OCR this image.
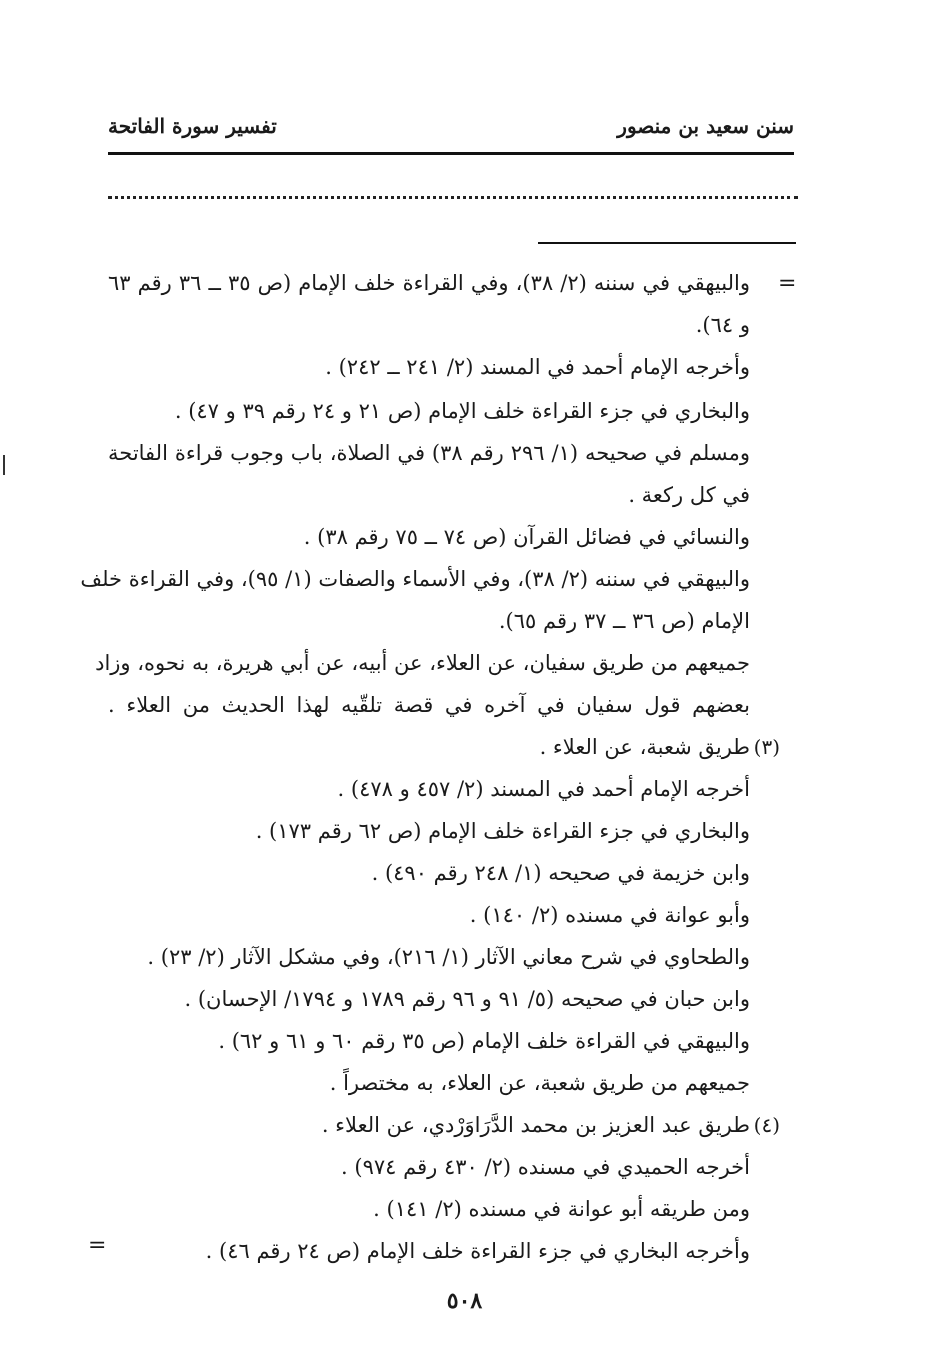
سنن سعيد بن منصور
تفسير سورة الفاتحة
=
والبيهقي في سننه (٢/ ٣٨)، وفي القراءة خلف الإمام (ص ٣٥ ــ ٣٦ رقم ٦٣
و ٦٤).
وأخرجه الإمام أحمد في المسند (٢/ ٢٤١ ــ ٢٤٢) .
والبخاري في جزء القراءة خلف الإمام (ص ٢١ و ٢٤ رقم ٣٩ و ٤٧) .
ومسلم في صحيحه (١/ ٢٩٦ رقم ٣٨) في الصلاة، باب وجوب قراءة الفاتحة
في كل ركعة .
والنسائي في فضائل القرآن (ص ٧٤ ــ ٧٥ رقم ٣٨) .
والبيهقي في سننه (٢/ ٣٨)، وفي الأسماء والصفات (١/ ٩٥)، وفي القراءة خلف
الإمام (ص ٣٦ ــ ٣٧ رقم ٦٥).
جميعهم من طريق سفيان، عن العلاء، عن أبيه، عن أبي هريرة، به نحوه، وزاد
بعضهم قول سفيان في آخره في قصة تلقّيه لهذا الحديث من العلاء .
(٣)
طريق شعبة، عن العلاء .
أخرجه الإمام أحمد في المسند (٢/ ٤٥٧ و ٤٧٨) .
والبخاري في جزء القراءة خلف الإمام (ص ٦٢ رقم ١٧٣) .
وابن خزيمة في صحيحه (١/ ٢٤٨ رقم ٤٩٠) .
وأبو عوانة في مسنده (٢/ ١٤٠) .
والطحاوي في شرح معاني الآثار (١/ ٢١٦)، وفي مشكل الآثار (٢/ ٢٣) .
وابن حبان في صحيحه (٥/ ٩١ و ٩٦ رقم ١٧٨٩ و ١٧٩٤/ الإحسان) .
والبيهقي في القراءة خلف الإمام (ص ٣٥ رقم ٦٠ و ٦١ و ٦٢) .
جميعهم من طريق شعبة، عن العلاء، به مختصراً .
(٤)
طريق عبد العزيز بن محمد الدَّرَاوَرْدي، عن العلاء .
أخرجه الحميدي في مسنده (٢/ ٤٣٠ رقم ٩٧٤) .
ومن طريقه أبو عوانة في مسنده (٢/ ١٤١) .
وأخرجه البخاري في جزء القراءة خلف الإمام (ص ٢٤ رقم ٤٦) .
=
٥٠٨
